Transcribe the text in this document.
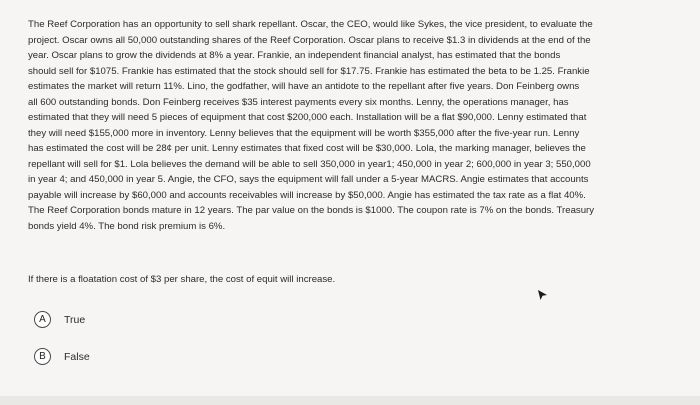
The Reef Corporation has an opportunity to sell shark repellant. Oscar, the CEO, would like Sykes, the vice president, to evaluate the
project. Oscar owns all 50,000 outstanding shares of the Reef Corporation. Oscar plans to receive $1.3 in dividends at the end of the
year. Oscar plans to grow the dividends at 8% a year. Frankie, an independent financial analyst, has estimated that the bonds
should sell for $1075. Frankie has estimated that the stock should sell for $17.75. Frankie has estimated the beta to be 1.25. Frankie
estimates the market will return 11%. Lino, the godfather, will have an antidote to the repellant after five years. Don Feinberg owns
all 600 outstanding bonds. Don Feinberg receives $35 interest payments every six months. Lenny, the operations manager, has
estimated that they will need 5 pieces of equipment that cost $200,000 each. Installation will be a flat $90,000. Lenny estimated that
they will need $155,000 more in inventory. Lenny believes that the equipment will be worth $355,000 after the five-year run. Lenny
has estimated the cost will be 28¢ per unit. Lenny estimates that fixed cost will be $30,000. Lola, the marking manager, believes the
repellant will sell for $1. Lola believes the demand will be able to sell 350,000 in year1; 450,000 in year 2; 600,000 in year 3; 550,000
in year 4; and 450,000 in year 5. Angie, the CFO, says the equipment will fall under a 5-year MACRS. Angie estimates that accounts
payable will increase by $60,000 and accounts receivables will increase by $50,000. Angie has estimated the tax rate as a flat 40%.
The Reef Corporation bonds mature in 12 years. The par value on the bonds is $1000. The coupon rate is 7% on the bonds. Treasury
bonds yield 4%. The bond risk premium is 6%.
If there is a floatation cost of $3 per share, the cost of equit will increase.
A	True
B	False
